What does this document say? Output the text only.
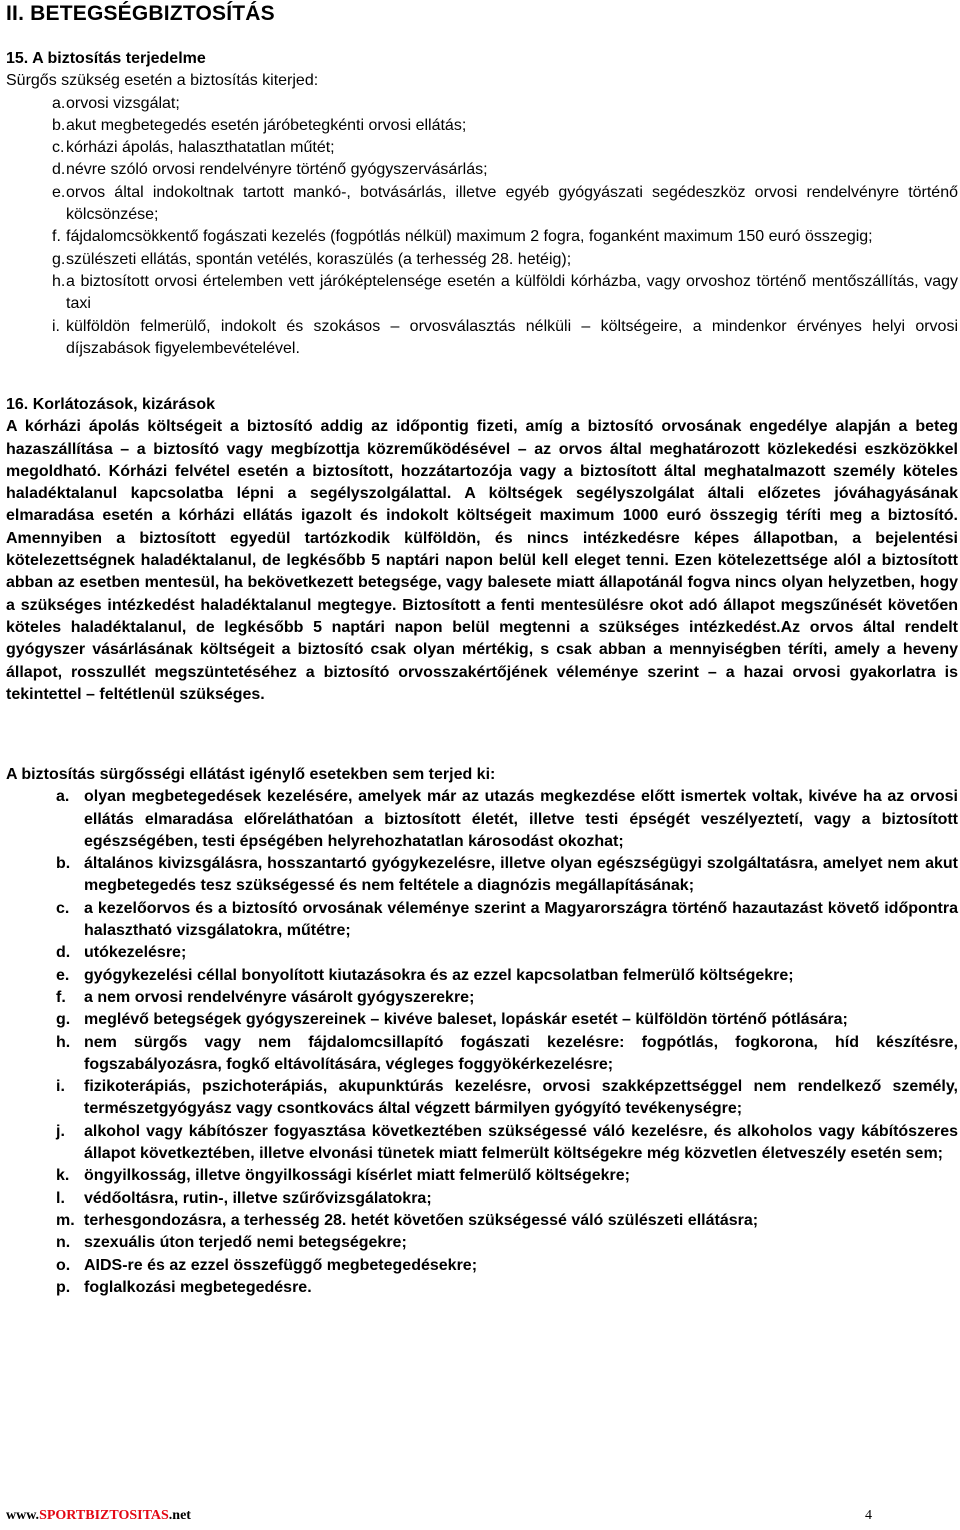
II. BETEGSÉGBIZTOSÍTÁS
15. A biztosítás terjedelme
Sürgős szükség esetén a biztosítás kiterjed:
a. orvosi vizsgálat;
b. akut megbetegedés esetén járóbetegkénti orvosi ellátás;
c. kórházi ápolás, halaszthatatlan műtét;
d. névre szóló orvosi rendelvényre történő gyógyszervásárlás;
e. orvos által indokoltnak tartott mankó-, botvásárlás, illetve egyéb gyógyászati segédeszköz orvosi rendelvényre történő kölcsönzése;
f. fájdalomcsökkentő fogászati kezelés (fogpótlás nélkül) maximum 2 fogra, foganként maximum 150 euró összegig;
g. szülészeti ellátás, spontán vetélés, koraszülés (a terhesség 28. hetéig);
h. a biztosított orvosi értelemben vett járóképtelensége esetén a külföldi kórházba, vagy orvoshoz történő mentőszállítás, vagy taxi
i. külföldön felmerülő, indokolt és szokásos – orvosválasztás nélküli – költségeire, a mindenkor érvényes helyi orvosi díjszabások figyelembevételével.
16. Korlátozások, kizárások
A kórházi ápolás költségeit a biztosító addig az időpontig fizeti, amíg a biztosító orvosának engedélye alapján a beteg hazaszállítása – a biztosító vagy megbízottja közreműködésével – az orvos által meghatározott közlekedési eszközökkel megoldható. Kórházi felvétel esetén a biztosított, hozzátartozója vagy a biztosított által meghatalmazott személy köteles haladéktalanul kapcsolatba lépni a segélyszolgálattal. A költségek segélyszolgálat általi előzetes jóváhagyásának elmaradása esetén a kórházi ellátás igazolt és indokolt költségeit maximum 1000 euró összegig téríti meg a biztosító. Amennyiben a biztosított egyedül tartózkodik külföldön, és nincs intézkedésre képes állapotban, a bejelentési kötelezettségnek haladéktalanul, de legkésőbb 5 naptári napon belül kell eleget tenni. Ezen kötelezettsége alól a biztosított abban az esetben mentesül, ha bekövetkezett betegsége, vagy balesete miatt állapotánál fogva nincs olyan helyzetben, hogy a szükséges intézkedést haladéktalanul megtegye. Biztosított a fenti mentesülésre okot adó állapot megszűnését követően köteles haladéktalanul, de legkésőbb 5 naptári napon belül megtenni a szükséges intézkedést.Az orvos által rendelt gyógyszer vásárlásának költségeit a biztosító csak olyan mértékig, s csak abban a mennyiségben téríti, amely a heveny állapot, rosszullét megszüntetéséhez a biztosító orvosszakértőjének véleménye szerint – a hazai orvosi gyakorlatra is tekintettel – feltétlenül szükséges.
A biztosítás sürgősségi ellátást igénylő esetekben sem terjed ki:
a. olyan megbetegedések kezelésére, amelyek már az utazás megkezdése előtt ismertek voltak, kivéve ha az orvosi ellátás elmaradása előreláthatóan a biztosított életét, illetve testi épségét veszélyeztetí, vagy a biztosított egészségében, testi épségében helyrehozhatatlan károsodást okozhat;
b. általános kivizsgálásra, hosszantartó gyógykezelésre, illetve olyan egészségügyi szolgáltatásra, amelyet nem akut megbetegedés tesz szükségessé és nem feltétele a diagnózis megállapításának;
c. a kezelőorvos és a biztosító orvosának véleménye szerint a Magyarországra történő hazautazást követő időpontra halasztható vizsgálatokra, műtétre;
d. utókezelésre;
e. gyógykezelési céllal bonyolított kiutazásokra és az ezzel kapcsolatban felmerülő költségekre;
f. a nem orvosi rendelvényre vásárolt gyógyszerekre;
g. meglévő betegségek gyógyszereinek – kivéve baleset, lopáskár esetét – külföldön történő pótlására;
h. nem sürgős vagy nem fájdalomcsillapító fogászati kezelésre: fogpótlás, fogkorona, híd készítésre, fogszabályozásra, fogkő eltávolítására, végleges foggyökérkezelésre;
i. fizikoterápiás, pszichoterápiás, akupunktúrás kezelésre, orvosi szakképzettséggel nem rendelkező személy, természetgyógyász vagy csontkovács által végzett bármilyen gyógyító tevékenységre;
j. alkohol vagy kábítószer fogyasztása következtében szükségessé váló kezelésre, és alkoholos vagy kábítószeres állapot következtében, illetve elvonási tünetek miatt felmerült költségekre még közvetlen életveszély esetén sem;
k. öngyilkosság, illetve öngyilkossági kísérlet miatt felmerülő költségekre;
l. védőoltásra, rutin-, illetve szűrővizsgálatokra;
m. terhesgondozásra, a terhesség 28. hetét követően szükségessé váló szülészeti ellátásra;
n. szexuális úton terjedő nemi betegségekre;
o. AIDS-re és az ezzel összefüggő megbetegedésekre;
p. foglalkozási megbetegedésre.
www.SPORTBIZTOSITAS.net	4
